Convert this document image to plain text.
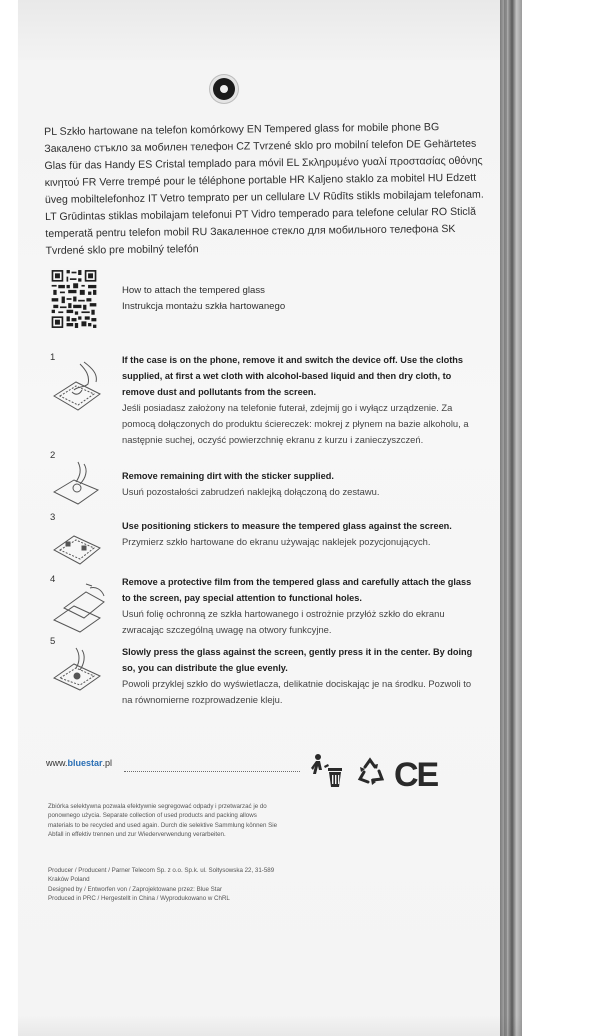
PL Szkło hartowane na telefon komórkowy EN Tempered glass for mobile phone BG Закалено стъкло за мобилен телефон CZ Tvrzené sklo pro mobilní telefon DE Gehärtetes Glas für das Handy ES Cristal templado para móvil EL Σκληρυμένο γυαλί προστασίας οθόνης κινητού FR Verre trempé pour le téléphone portable HR Kaljeno staklo za mobitel HU Edzett üveg mobiltelefonhoz IT Vetro temprato per un cellulare LV Rūdīts stikls mobilajam telefonam. LT Grūdintas stiklas mobilajam telefonui PT Vidro temperado para telefone celular RO Sticlă temperată pentru telefon mobil RU Закаленное стекло для мобильного телефона SK Tvrdené sklo pre mobilný telefón
How to attach the tempered glass
Instrukcja montażu szkła hartowanego
1	If the case is on the phone, remove it and switch the device off. Use the cloths supplied, at first a wet cloth with alcohol-based liquid and then dry cloth, to remove dust and pollutants from the screen.
Jeśli posiadasz założony na telefonie futerał, zdejmij go i wyłącz urządzenie. Za pomocą dołączonych do produktu ściereczek: mokrej z płynem na bazie alkoholu, a następnie suchej, oczyść powierzchnię ekranu z kurzu i zanieczyszczeń.
2
Remove remaining dirt with the sticker supplied.
Usuń pozostałości zabrudzeń naklejką dołączoną do zestawu.
3
Use positioning stickers to measure the tempered glass against the screen.
Przymierz szkło hartowane do ekranu używając naklejek pozycjonujących.
4	Remove a protective film from the tempered glass and carefully attach the glass to the screen, pay special attention to functional holes.
Usuń folię ochronną ze szkła hartowanego i ostrożnie przyłóż szkło do ekranu zwracając szczególną uwagę na otwory funkcyjne.
5
Slowly press the glass against the screen, gently press it in the center. By doing so, you can distribute the glue evenly.
Powoli przyklej szkło do wyświetlacza, delikatnie dociskając je na środku. Pozwoli to na równomierne rozprowadzenie kleju.
www.bluestar.pl	CE
Zbiórka selektywna pozwala efektywnie segregować odpady i przetwarzać je do ponownego użycia. Separate collection of used products and packing allows materials to be recycled and used again. Durch die selektive Sammlung können Sie Abfall in effektiv trennen und zur Wiederverwendung verarbeiten.
Producer / Producent / Parner Telecom Sp. z o.o. Sp.k. ul. Sołtysowska 22, 31-589 Kraków Poland
Designed by / Entworfen von / Zaprojektowane przez: Blue Star
Produced in PRC / Hergestellt in China / Wyprodukowano w ChRL
